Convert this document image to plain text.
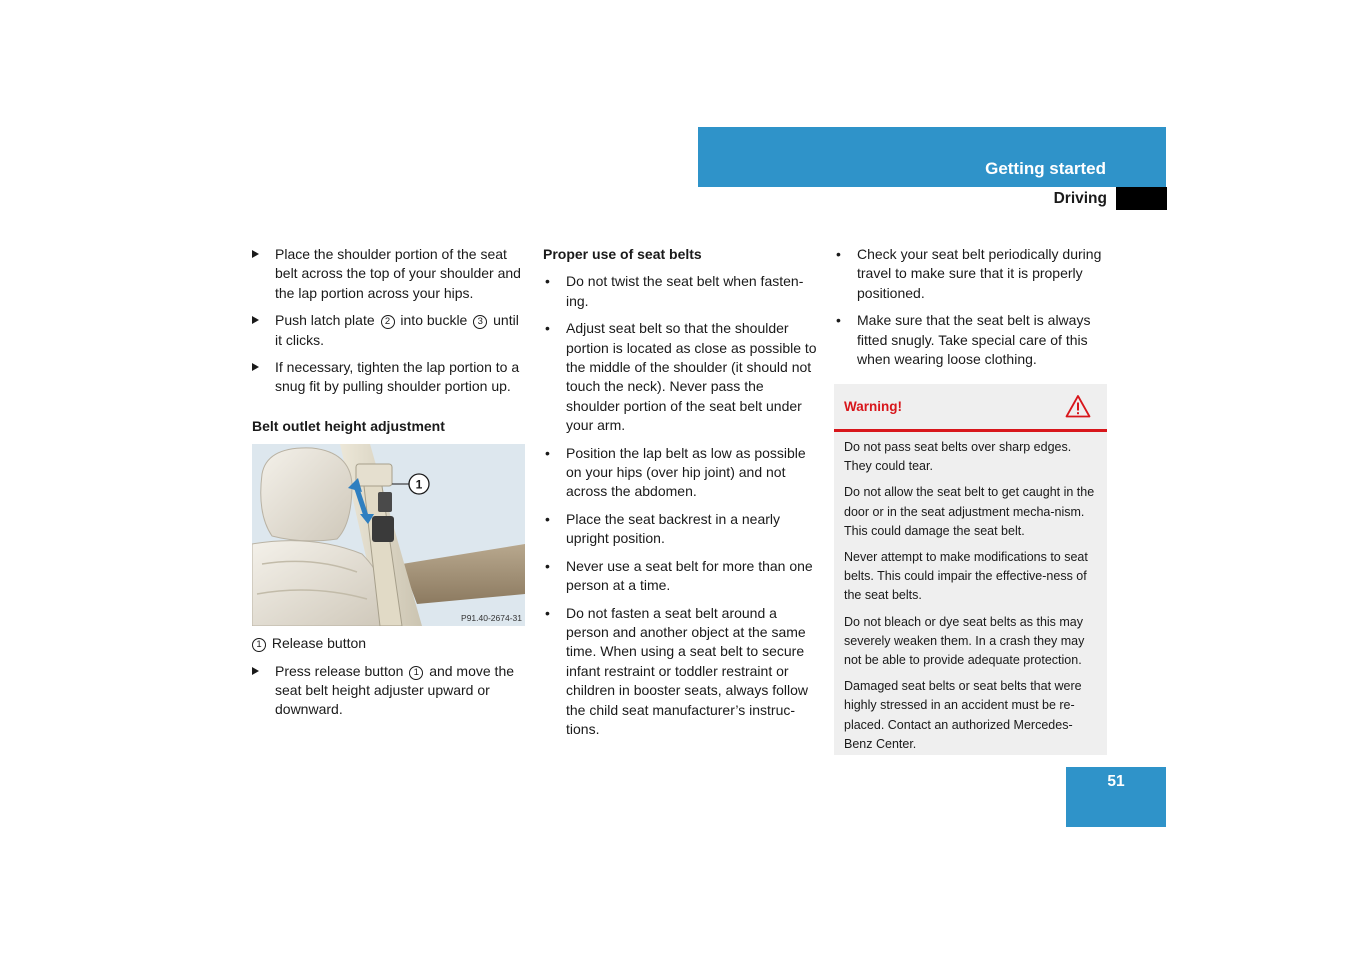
Getting started
Driving
Place the shoulder portion of the seat belt across the top of your shoulder and the lap portion across your hips.
Push latch plate 2 into buckle 3 until it clicks.
If necessary, tighten the lap portion to a snug fit by pulling shoulder portion up.
Belt outlet height adjustment
1
P91.40-2674-31
1 Release button
Press release button 1 and move the seat belt height adjuster upward or downward.
Proper use of seat belts
• Do not twist the seat belt when fasten-ing.
• Adjust seat belt so that the shoulder portion is located as close as possible to the middle of the shoulder (it should not touch the neck). Never pass the shoulder portion of the seat belt under your arm.
• Position the lap belt as low as possible on your hips (over hip joint) and not across the abdomen.
• Place the seat backrest in a nearly upright position.
• Never use a seat belt for more than one person at a time.
• Do not fasten a seat belt around a person and another object at the same time. When using a seat belt to secure infant restraint or toddler restraint or children in booster seats, always follow the child seat manufacturer’s instruc-tions.
• Check your seat belt periodically during travel to make sure that it is properly positioned.
• Make sure that the seat belt is always fitted snugly. Take special care of this when wearing loose clothing.
Warning!

Do not pass seat belts over sharp edges. They could tear.

Do not allow the seat belt to get caught in the door or in the seat adjustment mecha-nism. This could damage the seat belt.

Never attempt to make modifications to seat belts. This could impair the effective-ness of the seat belts.

Do not bleach or dye seat belts as this may severely weaken them. In a crash they may not be able to provide adequate protection.

Damaged seat belts or seat belts that were highly stressed in an accident must be re-placed. Contact an authorized Mercedes-Benz Center.

51
